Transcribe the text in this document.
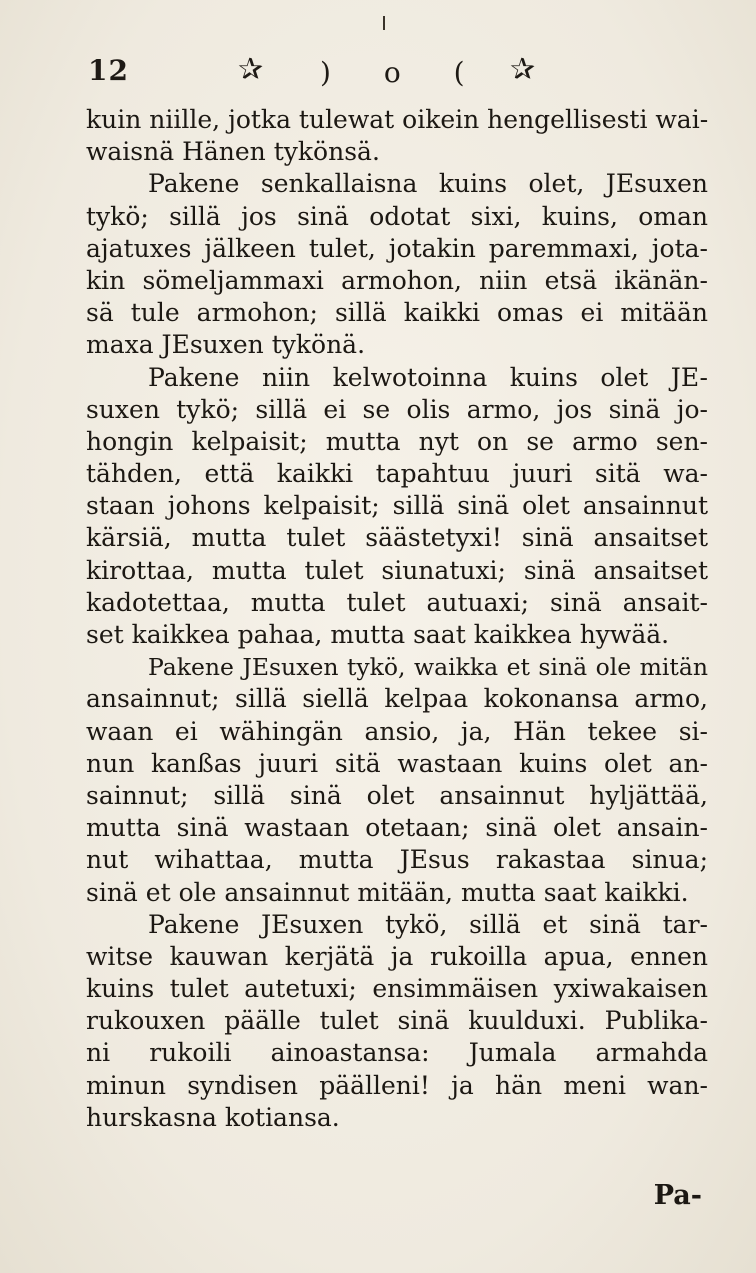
12	✰ ) o ( ✰
kuin niille, jotka tulewat oikein hengellisesti wai-
waisnä Hänen tykönsä.
Pakene senkallaisna kuins olet, JEsuxen
tykö; sillä jos sinä odotat sixi, kuins, oman
ajatuxes jälkeen tulet, jotakin paremmaxi, jota-
kin sömeljammaxi armohon, niin etsä ikänän-
sä tule armohon; sillä kaikki omas ei mitään
maxa JEsuxen tykönä.
Pakene niin kelwotoinna kuins olet JE-
suxen tykö; sillä ei se olis armo, jos sinä jo-
hongin kelpaisit; mutta nyt on se armo sen-
tähden, että kaikki tapahtuu juuri sitä wa-
staan johons kelpaisit; sillä sinä olet ansainnut
kärsiä, mutta tulet säästetyxi! sinä ansaitset
kirottaa, mutta tulet siunatuxi; sinä ansaitset
kadotettaa, mutta tulet autuaxi; sinä ansait-
set kaikkea pahaa, mutta saat kaikkea hywää.
Pakene JEsuxen tykö, waikka et sinä ole mitän
ansainnut; sillä siellä kelpaa kokonansa armo,
waan ei wähingän ansio, ja, Hän tekee si-
nun kanßas juuri sitä wastaan kuins olet an-
sainnut; sillä sinä olet ansainnut hyljättää,
mutta sinä wastaan otetaan; sinä olet ansain-
nut wihattaa, mutta JEsus rakastaa sinua;
sinä et ole ansainnut mitään, mutta saat kaikki.
Pakene JEsuxen tykö, sillä et sinä tar-
witse kauwan kerjätä ja rukoilla apua, ennen
kuins tulet autetuxi; ensimmäisen yxiwakaisen
rukouxen päälle tulet sinä kuulduxi. Publika-
ni rukoili ainoastansa: Jumala armahda
minun syndisen päälleni! ja hän meni wan-
hurskasna kotiansa.
Pa-
